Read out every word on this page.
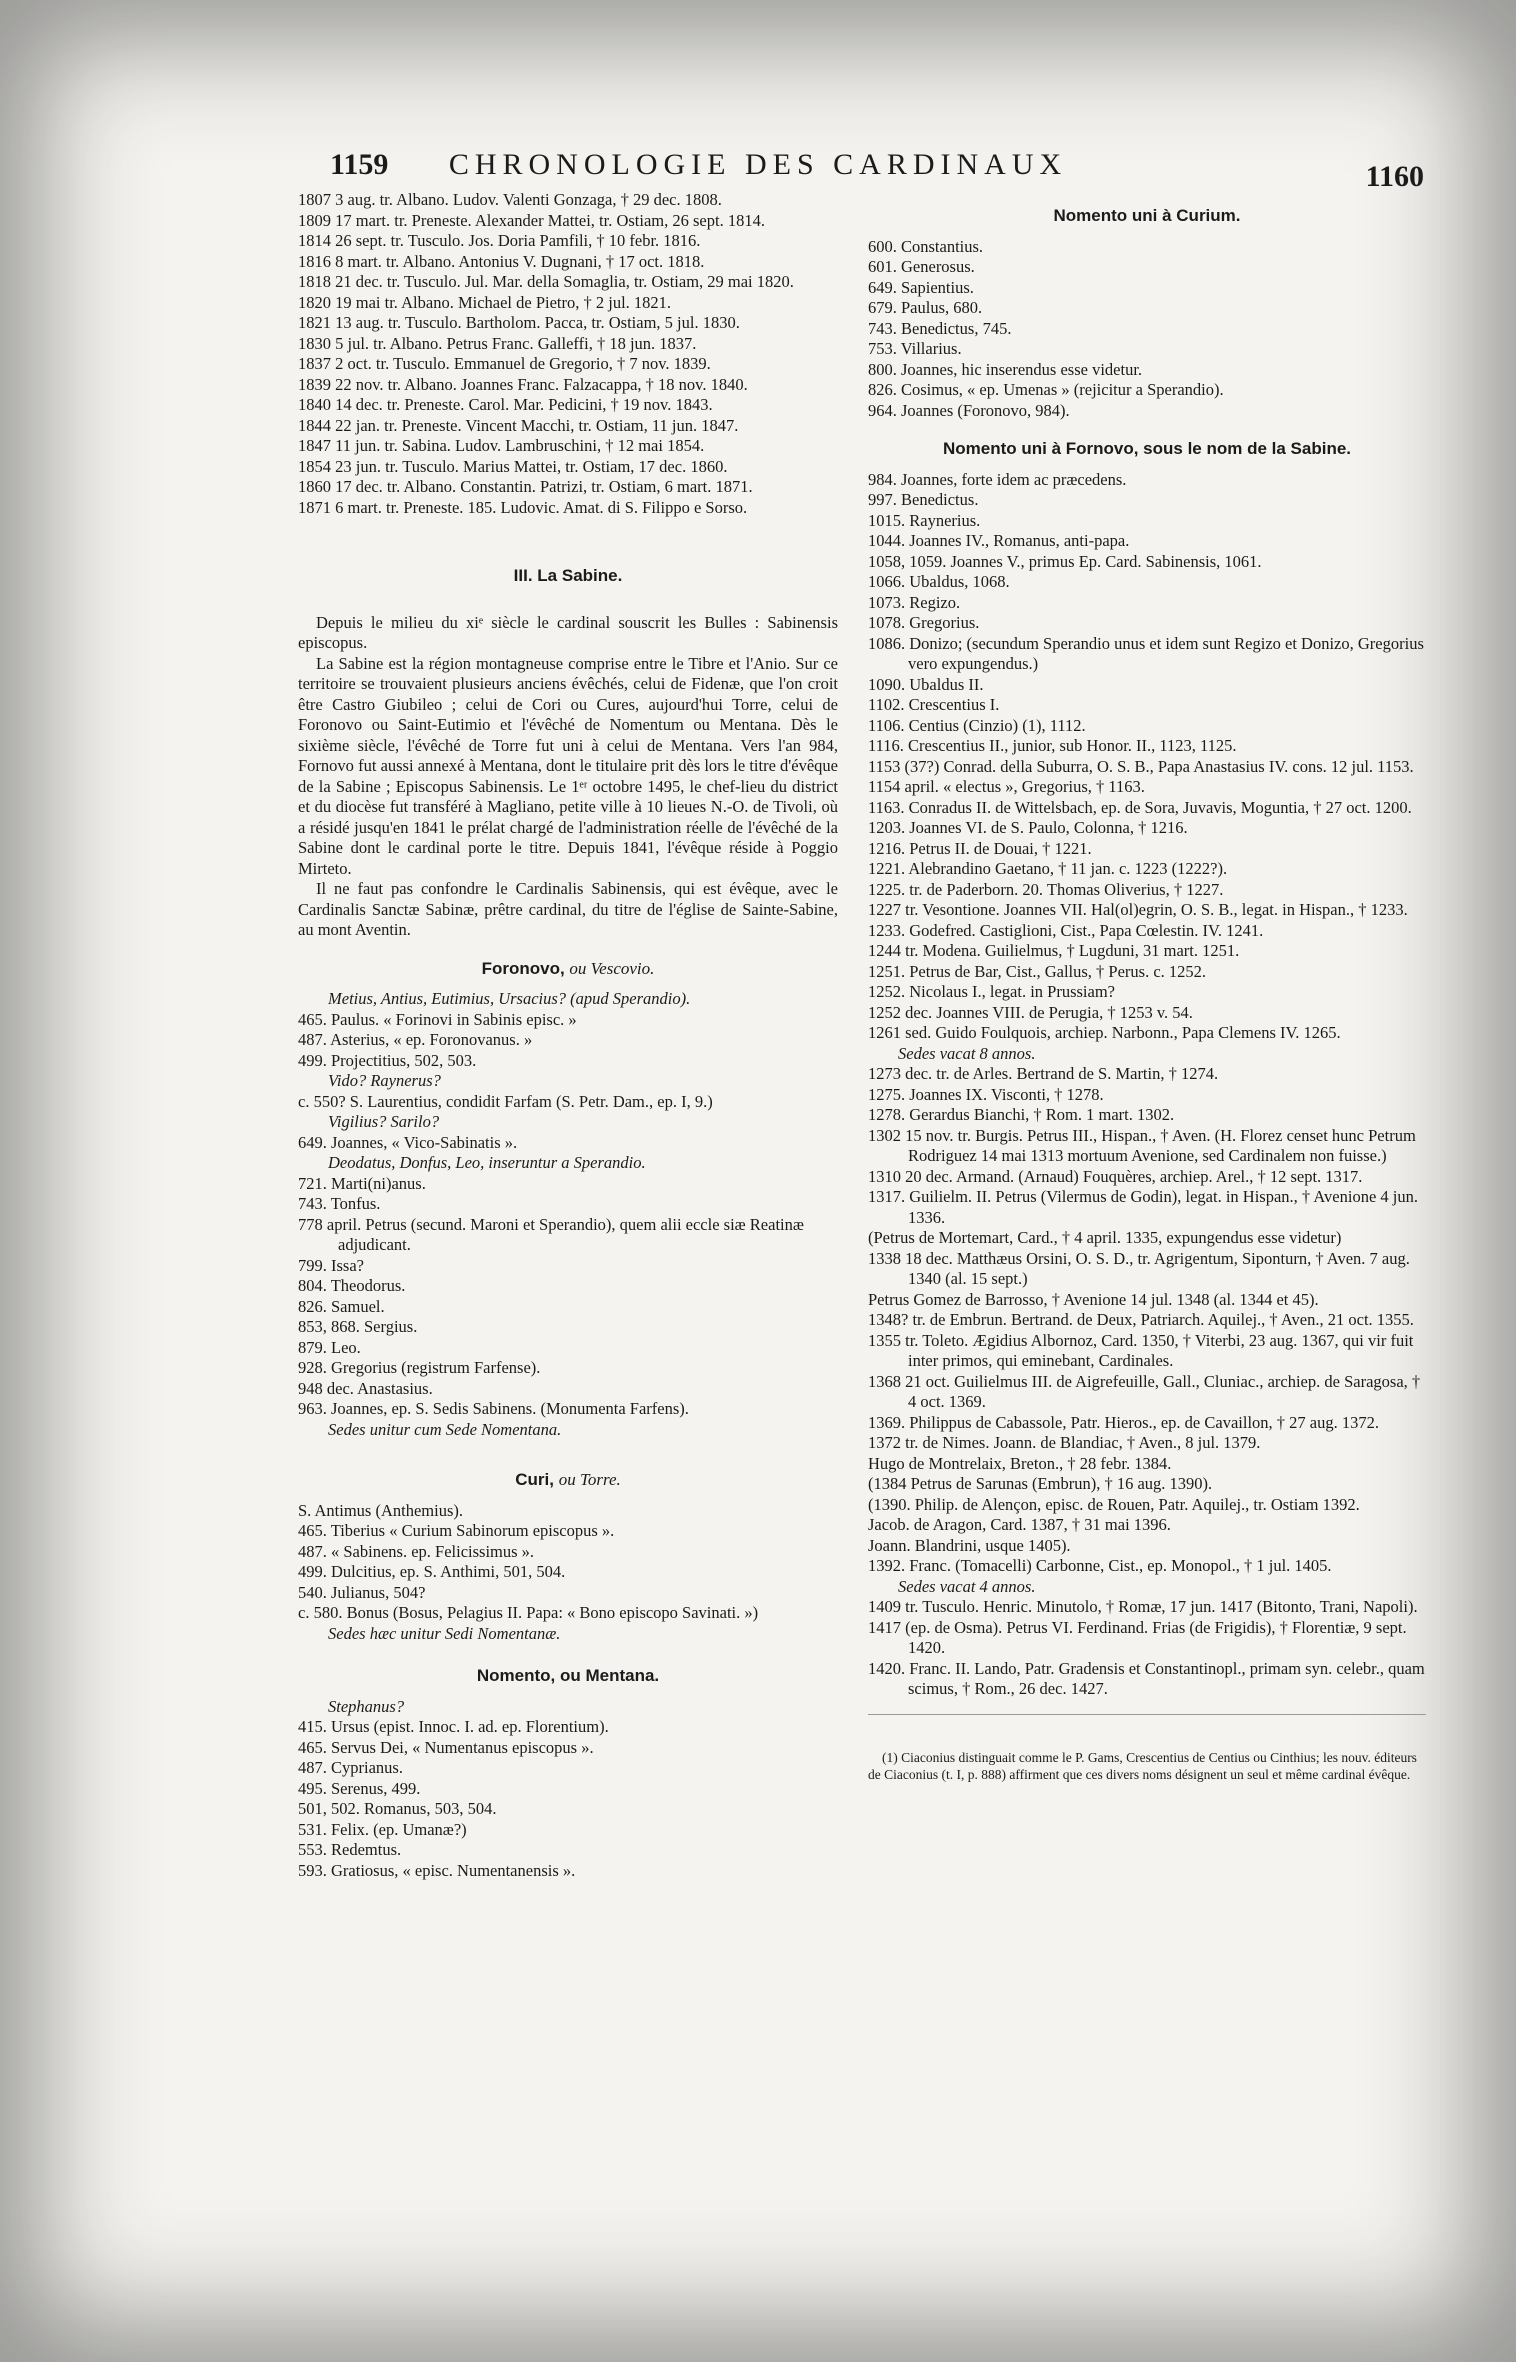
1159	CHRONOLOGIE DES CARDINAUX	1160
1807 3 aug. tr. Albano. Ludov. Valenti Gonzaga, † 29 dec. 1808.
1809 17 mart. tr. Preneste. Alexander Mattei, tr. Ostiam, 26 sept. 1814.
1814 26 sept. tr. Tusculo. Jos. Doria Pamfili, † 10 febr. 1816.
1816 8 mart. tr. Albano. Antonius V. Dugnani, † 17 oct. 1818.
1818 21 dec. tr. Tusculo. Jul. Mar. della Somaglia, tr. Ostiam, 29 mai 1820.
1820 19 mai tr. Albano. Michael de Pietro, † 2 jul. 1821.
1821 13 aug. tr. Tusculo. Bartholom. Pacca, tr. Ostiam, 5 jul. 1830.
1830 5 jul. tr. Albano. Petrus Franc. Galleffi, † 18 jun. 1837.
1837 2 oct. tr. Tusculo. Emmanuel de Gregorio, † 7 nov. 1839.
1839 22 nov. tr. Albano. Joannes Franc. Falzacappa, † 18 nov. 1840.
1840 14 dec. tr. Preneste. Carol. Mar. Pedicini, † 19 nov. 1843.
1844 22 jan. tr. Preneste. Vincent Macchi, tr. Ostiam, 11 jun. 1847.
1847 11 jun. tr. Sabina. Ludov. Lambruschini, † 12 mai 1854.
1854 23 jun. tr. Tusculo. Marius Mattei, tr. Ostiam, 17 dec. 1860.
1860 17 dec. tr. Albano. Constantin. Patrizi, tr. Ostiam, 6 mart. 1871.
1871 6 mart. tr. Preneste. 185. Ludovic. Amat. di S. Filippo e Sorso.
III. La Sabine.
Depuis le milieu du xiᵉ siècle le cardinal souscrit les Bulles : Sabinensis episcopus.
La Sabine est la région montagneuse comprise entre le Tibre et l'Anio. Sur ce territoire se trouvaient plusieurs anciens évêchés, celui de Fidenæ, que l'on croit être Castro Giubileo ; celui de Cori ou Cures, aujourd'hui Torre, celui de Foronovo ou Saint-Eutimio et l'évêché de Nomentum ou Mentana. Dès le sixième siècle, l'évêché de Torre fut uni à celui de Mentana. Vers l'an 984, Fornovo fut aussi annexé à Mentana, dont le titulaire prit dès lors le titre d'évêque de la Sabine ; Episcopus Sabinensis. Le 1ᵉʳ octobre 1495, le chef-lieu du district et du diocèse fut transféré à Magliano, petite ville à 10 lieues N.-O. de Tivoli, où a résidé jusqu'en 1841 le prélat chargé de l'administration réelle de l'évêché de la Sabine dont le cardinal porte le titre. Depuis 1841, l'évêque réside à Poggio Mirteto.
Il ne faut pas confondre le Cardinalis Sabinensis, qui est évêque, avec le Cardinalis Sanctæ Sabinæ, prêtre cardinal, du titre de l'église de Sainte-Sabine, au mont Aventin.
Foronovo, ou Vescovio.
Metius, Antius, Eutimius, Ursacius? (apud Sperandio).
465. Paulus. « Forinovi in Sabinis episc. »
487. Asterius, « ep. Foronovanus. »
499. Projectitius, 502, 503.
Vido? Raynerus?
c. 550? S. Laurentius, condidit Farfam (S. Petr. Dam., ep. I, 9.)
Vigilius? Sarilo?
649. Joannes, « Vico-Sabinatis ».
Deodatus, Donfus, Leo, inseruntur a Sperandio.
721. Marti(ni)anus.
743. Tonfus.
778 april. Petrus (secund. Maroni et Sperandio), quem alii eccle siæ Reatinæ adjudicant.
799. Issa?
804. Theodorus.
826. Samuel.
853, 868. Sergius.
879. Leo.
928. Gregorius (registrum Farfense).
948 dec. Anastasius.
963. Joannes, ep. S. Sedis Sabinens. (Monumenta Farfens).
Sedes unitur cum Sede Nomentana.
Curi, ou Torre.
S. Antimus (Anthemius).
465. Tiberius « Curium Sabinorum episcopus ».
487. « Sabinens. ep. Felicissimus ».
499. Dulcitius, ep. S. Anthimi, 501, 504.
540. Julianus, 504?
c. 580. Bonus (Bosus, Pelagius II. Papa: « Bono episcopo Savinati. »)
Sedes hæc unitur Sedi Nomentanæ.
Nomento, ou Mentana.
Stephanus?
415. Ursus (epist. Innoc. I. ad. ep. Florentium).
465. Servus Dei, « Numentanus episcopus ».
487. Cyprianus.
495. Serenus, 499.
501, 502. Romanus, 503, 504.
531. Felix. (ep. Umanæ?)
553. Redemtus.
593. Gratiosus, « episc. Numentanensis ».
Nomento uni à Curium.
600. Constantius.
601. Generosus.
649. Sapientius.
679. Paulus, 680.
743. Benedictus, 745.
753. Villarius.
800. Joannes, hic inserendus esse videtur.
826. Cosimus, « ep. Umenas » (rejicitur a Sperandio).
964. Joannes (Foronovo, 984).
Nomento uni à Fornovo, sous le nom de la Sabine.
984. Joannes, forte idem ac præcedens.
997. Benedictus.
1015. Raynerius.
1044. Joannes IV., Romanus, anti-papa.
1058, 1059. Joannes V., primus Ep. Card. Sabinensis, 1061.
1066. Ubaldus, 1068.
1073. Regizo.
1078. Gregorius.
1086. Donizo; (secundum Sperandio unus et idem sunt Regizo et Donizo, Gregorius vero expungendus.)
1090. Ubaldus II.
1102. Crescentius I.
1106. Centius (Cinzio) (1), 1112.
1116. Crescentius II., junior, sub Honor. II., 1123, 1125.
1153 (37?) Conrad. della Suburra, O. S. B., Papa Anastasius IV. cons. 12 jul. 1153.
1154 april. « electus », Gregorius, † 1163.
1163. Conradus II. de Wittelsbach, ep. de Sora, Juvavis, Moguntia, † 27 oct. 1200.
1203. Joannes VI. de S. Paulo, Colonna, † 1216.
1216. Petrus II. de Douai, † 1221.
1221. Alebrandino Gaetano, † 11 jan. c. 1223 (1222?).
1225. tr. de Paderborn. 20. Thomas Oliverius, † 1227.
1227 tr. Vesontione. Joannes VII. Hal(ol)egrin, O. S. B., legat. in Hispan., † 1233.
1233. Godefred. Castiglioni, Cist., Papa Cœlestin. IV. 1241.
1244 tr. Modena. Guilielmus, † Lugduni, 31 mart. 1251.
1251. Petrus de Bar, Cist., Gallus, † Perus. c. 1252.
1252. Nicolaus I., legat. in Prussiam?
1252 dec. Joannes VIII. de Perugia, † 1253 v. 54.
1261 sed. Guido Foulquois, archiep. Narbonn., Papa Clemens IV. 1265.
Sedes vacat 8 annos.
1273 dec. tr. de Arles. Bertrand de S. Martin, † 1274.
1275. Joannes IX. Visconti, † 1278.
1278. Gerardus Bianchi, † Rom. 1 mart. 1302.
1302 15 nov. tr. Burgis. Petrus III., Hispan., † Aven. (H. Florez censet hunc Petrum Rodriguez 14 mai 1313 mortuum Avenione, sed Cardinalem non fuisse.)
1310 20 dec. Armand. (Arnaud) Fouquères, archiep. Arel., † 12 sept. 1317.
1317. Guilielm. II. Petrus (Vilermus de Godin), legat. in Hispan., † Avenione 4 jun. 1336.
(Petrus de Mortemart, Card., † 4 april. 1335, expungendus esse videtur)
1338 18 dec. Matthæus Orsini, O. S. D., tr. Agrigentum, Siponturn, † Aven. 7 aug. 1340 (al. 15 sept.)
Petrus Gomez de Barrosso, † Avenione 14 jul. 1348 (al. 1344 et 45).
1348? tr. de Embrun. Bertrand. de Deux, Patriarch. Aquilej., † Aven., 21 oct. 1355.
1355 tr. Toleto. Ægidius Albornoz, Card. 1350, † Viterbi, 23 aug. 1367, qui vir fuit inter primos, qui eminebant, Cardinales.
1368 21 oct. Guilielmus III. de Aigrefeuille, Gall., Cluniac., archiep. de Saragosa, † 4 oct. 1369.
1369. Philippus de Cabassole, Patr. Hieros., ep. de Cavaillon, † 27 aug. 1372.
1372 tr. de Nimes. Joann. de Blandiac, † Aven., 8 jul. 1379.
Hugo de Montrelaix, Breton., † 28 febr. 1384.
(1384 Petrus de Sarunas (Embrun), † 16 aug. 1390).
(1390. Philip. de Alençon, episc. de Rouen, Patr. Aquilej., tr. Ostiam 1392.
Jacob. de Aragon, Card. 1387, † 31 mai 1396.
Joann. Blandrini, usque 1405).
1392. Franc. (Tomacelli) Carbonne, Cist., ep. Monopol., † 1 jul. 1405.
Sedes vacat 4 annos.
1409 tr. Tusculo. Henric. Minutolo, † Romæ, 17 jun. 1417 (Bitonto, Trani, Napoli).
1417 (ep. de Osma). Petrus VI. Ferdinand. Frias (de Frigidis), † Florentiæ, 9 sept. 1420.
1420. Franc. II. Lando, Patr. Gradensis et Constantinopl., primam syn. celebr., quam scimus, † Rom., 26 dec. 1427.
(1) Ciaconius distinguait comme le P. Gams, Crescentius de Centius ou Cinthius; les nouv. éditeurs de Ciaconius (t. I, p. 888) affirment que ces divers noms désignent un seul et même cardinal évêque.
